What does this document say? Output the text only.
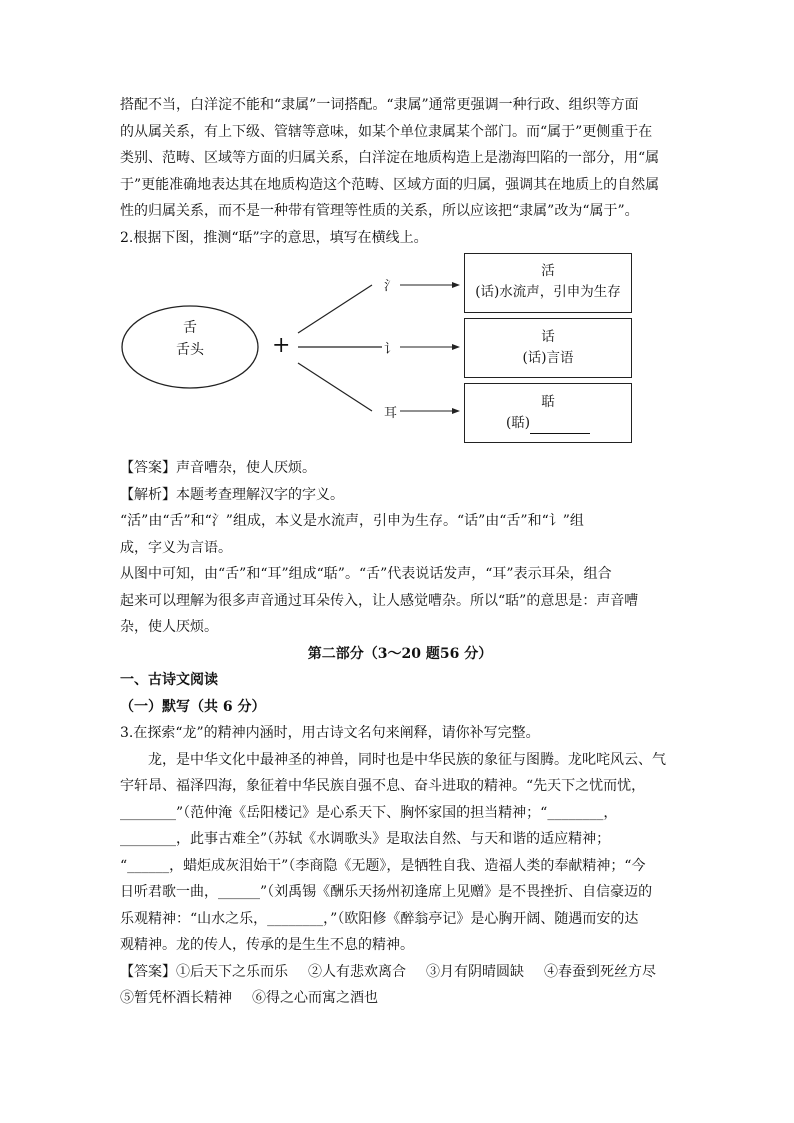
搭配不当，白洋淀不能和“隶属”一词搭配。“隶属”通常更强调一种行政、组织等方面

的从属关系，有上下级、管辖等意味，如某个单位隶属某个部门。而“属于”更侧重于在

类别、范畴、区域等方面的归属关系，白洋淀在地质构造上是渤海凹陷的一部分，用“属

于”更能准确地表达其在地质构造这个范畴、区域方面的归属，强调其在地质上的自然属

性的归属关系，而不是一种带有管理等性质的关系，所以应该把“隶属”改为“属于”。

2.根据下图，推测“聒”字的意思，填写在横线上。

舌
舌头	+
氵
讠
耳
活
(话)水流声，引申为生存
话
(话)言语
聒
(聒)

【答案】声音嘈杂，使人厌烦。

【解析】本题考查理解汉字的字义。

“活”由“舌”和“氵”组成，本义是水流声，引申为生存。“话”由“舌”和“讠”组

成，字义为言语。

从图中可知，由“舌”和“耳”组成“聒”。“舌”代表说话发声，“耳”表示耳朵，组合

起来可以理解为很多声音通过耳朵传入，让人感觉嘈杂。所以“聒”的意思是：声音嘈

杂，使人厌烦。

第二部分（3～20 题56 分）

一、古诗文阅读

（一）默写（共 6 分）

3.在探索“龙”的精神内涵时，用古诗文名句来阐释，请你补写完整。

龙，是中华文化中最神圣的神兽，同时也是中华民族的象征与图腾。龙叱咤风云、气

宇轩昂、福泽四海，象征着中华民族自强不息、奋斗进取的精神。“先天下之忧而忧，

________”（范仲淹《岳阳楼记》是心系天下、胸怀家国的担当精神；“________，

________，此事古难全”（苏轼《水调歌头》是取法自然、与天和谐的适应精神；

“______，蜡炬成灰泪始干”（李商隐《无题》，是牺牲自我、造福人类的奉献精神；“今

日听君歌一曲，______”（刘禹锡《酬乐天扬州初逢席上见赠》是不畏挫折、自信豪迈的

乐观精神：“山水之乐，________，”（欧阳修《醉翁亭记》是心胸开阔、随遇而安的达

观精神。龙的传人，传承的是生生不息的精神。

【答案】①后天下之乐而乐 ②人有悲欢离合 ③月有阴晴圆缺 ④春蚕到死丝方尽

⑤暂凭杯酒长精神 ⑥得之心而寓之酒也
